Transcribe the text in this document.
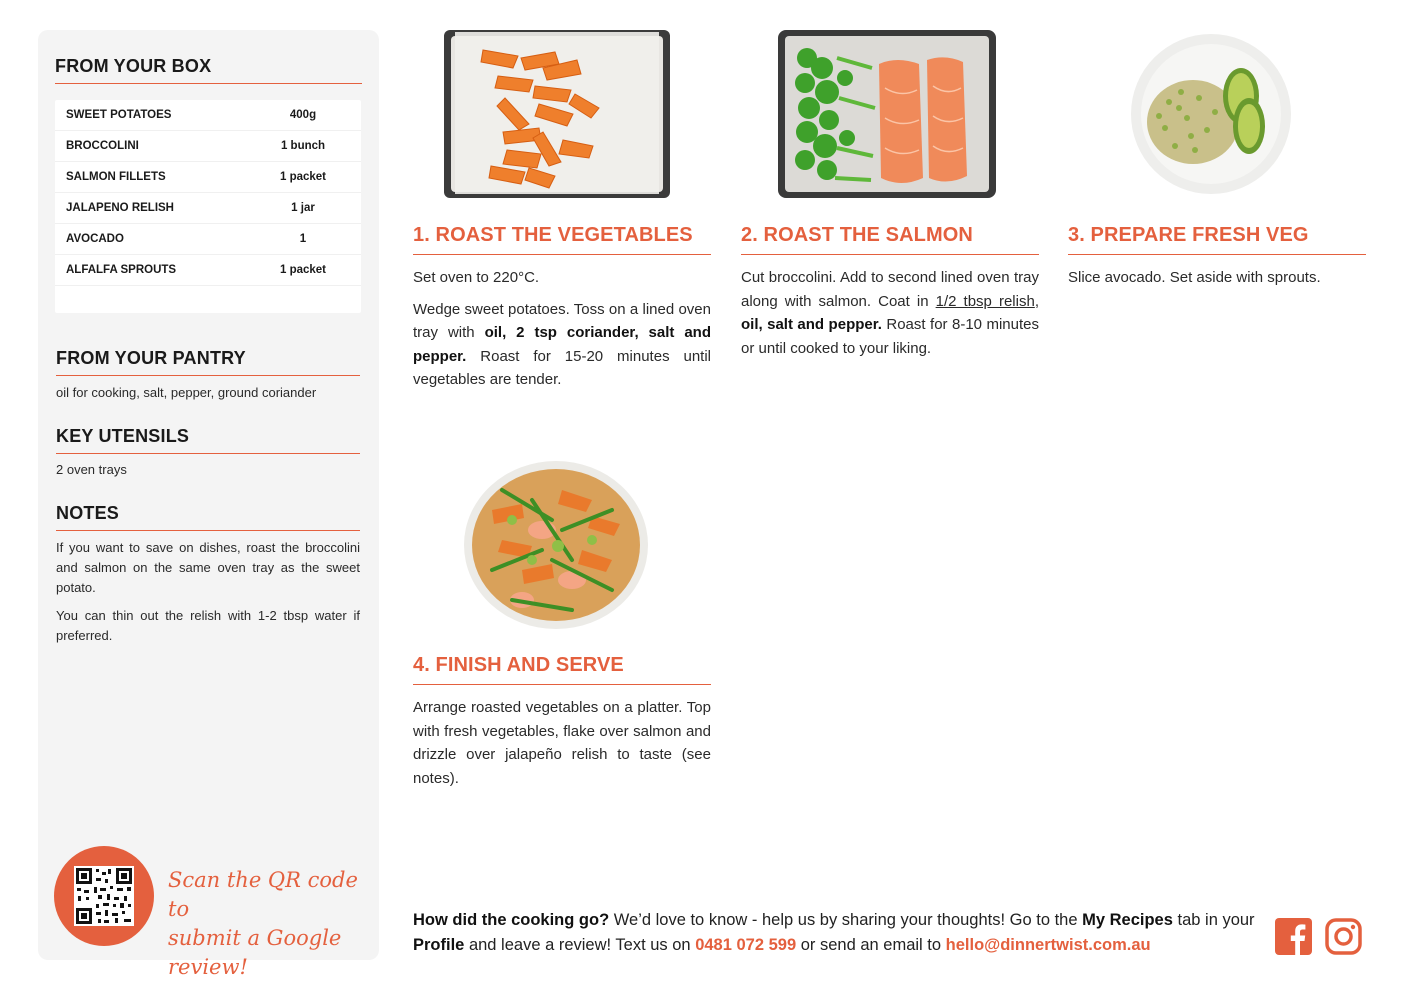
FROM YOUR BOX
SWEET POTATOES	400g
BROCCOLINI	1 bunch
SALMON FILLETS	1 packet
JALAPENO RELISH	1 jar
AVOCADO	1
ALFALFA SPROUTS	1 packet
FROM YOUR PANTRY
oil for cooking, salt, pepper, ground coriander
KEY UTENSILS
2 oven trays
NOTES
If you want to save on dishes, roast the broccolini and salmon on the same oven tray as the sweet potato.
You can thin out the relish with 1-2 tbsp water if preferred.
Scan the QR code to
submit a Google review!
1. ROAST THE VEGETABLES

Set oven to 220°C.

Wedge sweet potatoes. Toss on a lined oven tray with oil, 2 tsp coriander, salt and pepper. Roast for 15-20 minutes until vegetables are tender.

2. ROAST THE SALMON

Cut broccolini. Add to second lined oven tray along with salmon. Coat in 1/2 tbsp relish, oil, salt and pepper. Roast for 8-10 minutes or until cooked to your liking.

3. PREPARE FRESH VEG

Slice avocado. Set aside with sprouts.

4. FINISH AND SERVE

Arrange roasted vegetables on a platter. Top with fresh vegetables, flake over salmon and drizzle over jalapeño relish to taste (see notes).

How did the cooking go? We’d love to know - help us by sharing your thoughts! Go to the My Recipes tab in your Profile and leave a review! Text us on 0481 072 599 or send an email to hello@dinnertwist.com.au
